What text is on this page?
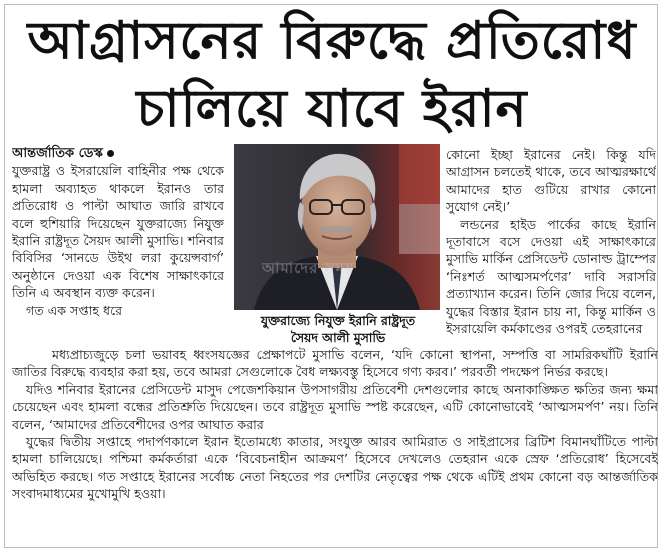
আগ্রাসনের বিরুদ্ধে প্রতিরোধ
চালিয়ে যাবে ইরান

আন্তর্জাতিক ডেস্ক
যুক্তরাষ্ট্র ও ইসরায়েলি বাহিনীর পক্ষ থেকে হামলা অব্যাহত থাকলে ইরানও তার প্রতিরোধ ও পাল্টা আঘাত জারি রাখবে বলে হুশিয়ারি দিয়েছেন যুক্তরাজ্যে নিযুক্ত ইরানি রাষ্ট্রদূত সৈয়দ আলী মুসাভি। শনিবার বিবিসির ‘সানডে উইথ লরা কুয়েন্সবার্গ’ অনুষ্ঠানে দেওয়া এক বিশেষ সাক্ষাৎকারে তিনি এ অবস্থান ব্যক্ত করেন।

গত এক সপ্তাহ ধরে

আমাদের সময়
যুক্তরাজ্যে নিযুক্ত ইরানি রাষ্ট্রদূত
সৈয়দ আলী মুসাভি

কোনো ইচ্ছা ইরানের নেই। কিন্তু যদি আগ্রাসন চলতেই থাকে, তবে আত্মরক্ষার্থে আমাদের হাত গুটিয়ে রাখার কোনো সুযোগ নেই।’

লন্ডনের হাইড পার্কের কাছে ইরানি দূতাবাসে বসে দেওয়া এই সাক্ষাৎকারে মুসাভি মার্কিন প্রেসিডেন্ট ডোনাল্ড ট্রাম্পের ‘নিঃশর্ত আত্মসমর্পণের’ দাবি সরাসরি প্রত্যাখ্যান করেন। তিনি জোর দিয়ে বলেন, যুদ্ধের বিস্তার ইরান চায় না, কিন্তু মার্কিন ও ইসরায়েলি কর্মকাণ্ডের ওপরই তেহরানের

মধ্যপ্রাচ্যজুড়ে চলা ভয়াবহ ধ্বংসযজ্ঞের প্রেক্ষাপটে মুসাভি বলেন, ‘যদি কোনো স্থাপনা, সম্পত্তি বা সামরিকঘাঁটি ইরানি জাতির বিরুদ্ধে ব্যবহার করা হয়, তবে আমরা সেগুলোকে বৈধ লক্ষ্যবস্তু হিসেবে গণ্য করব।’ পরবর্তী পদক্ষেপ নির্ভর করছে।

যদিও শনিবার ইরানের প্রেসিডেন্ট মাসুদ পেজেশকিয়ান উপসাগরীয় প্রতিবেশী দেশগুলোর কাছে অনাকাঙ্ক্ষিত ক্ষতির জন্য ক্ষমা চেয়েছেন এবং হামলা বন্ধের প্রতিশ্রুতি দিয়েছেন। তবে রাষ্ট্রদূত মুসাভি স্পষ্ট করেছেন, এটি কোনোভাবেই ‘আত্মসমর্পণ’ নয়। তিনি বলেন, ‘আমাদের প্রতিবেশীদের ওপর আঘাত করার

যুদ্ধের দ্বিতীয় সপ্তাহে পদার্পণকালে ইরান ইতোমধ্যে কাতার, সংযুক্ত আরব আমিরাত ও সাইপ্রাসের ব্রিটিশ বিমানঘাঁটিতে পাল্টা হামলা চালিয়েছে। পশ্চিমা কর্মকর্তারা একে ‘বিবেচনাহীন আক্রমণ’ হিসেবে দেখলেও তেহরান একে স্রেফ ‘প্রতিরোধ’ হিসেবেই অভিহিত করছে। গত সপ্তাহে ইরানের সর্বোচ্চ নেতা নিহতের পর দেশটির নেতৃত্বের পক্ষ থেকে এটিই প্রথম কোনো বড় আন্তর্জাতিক সংবাদমাধ্যমের মুখোমুখি হওয়া।
